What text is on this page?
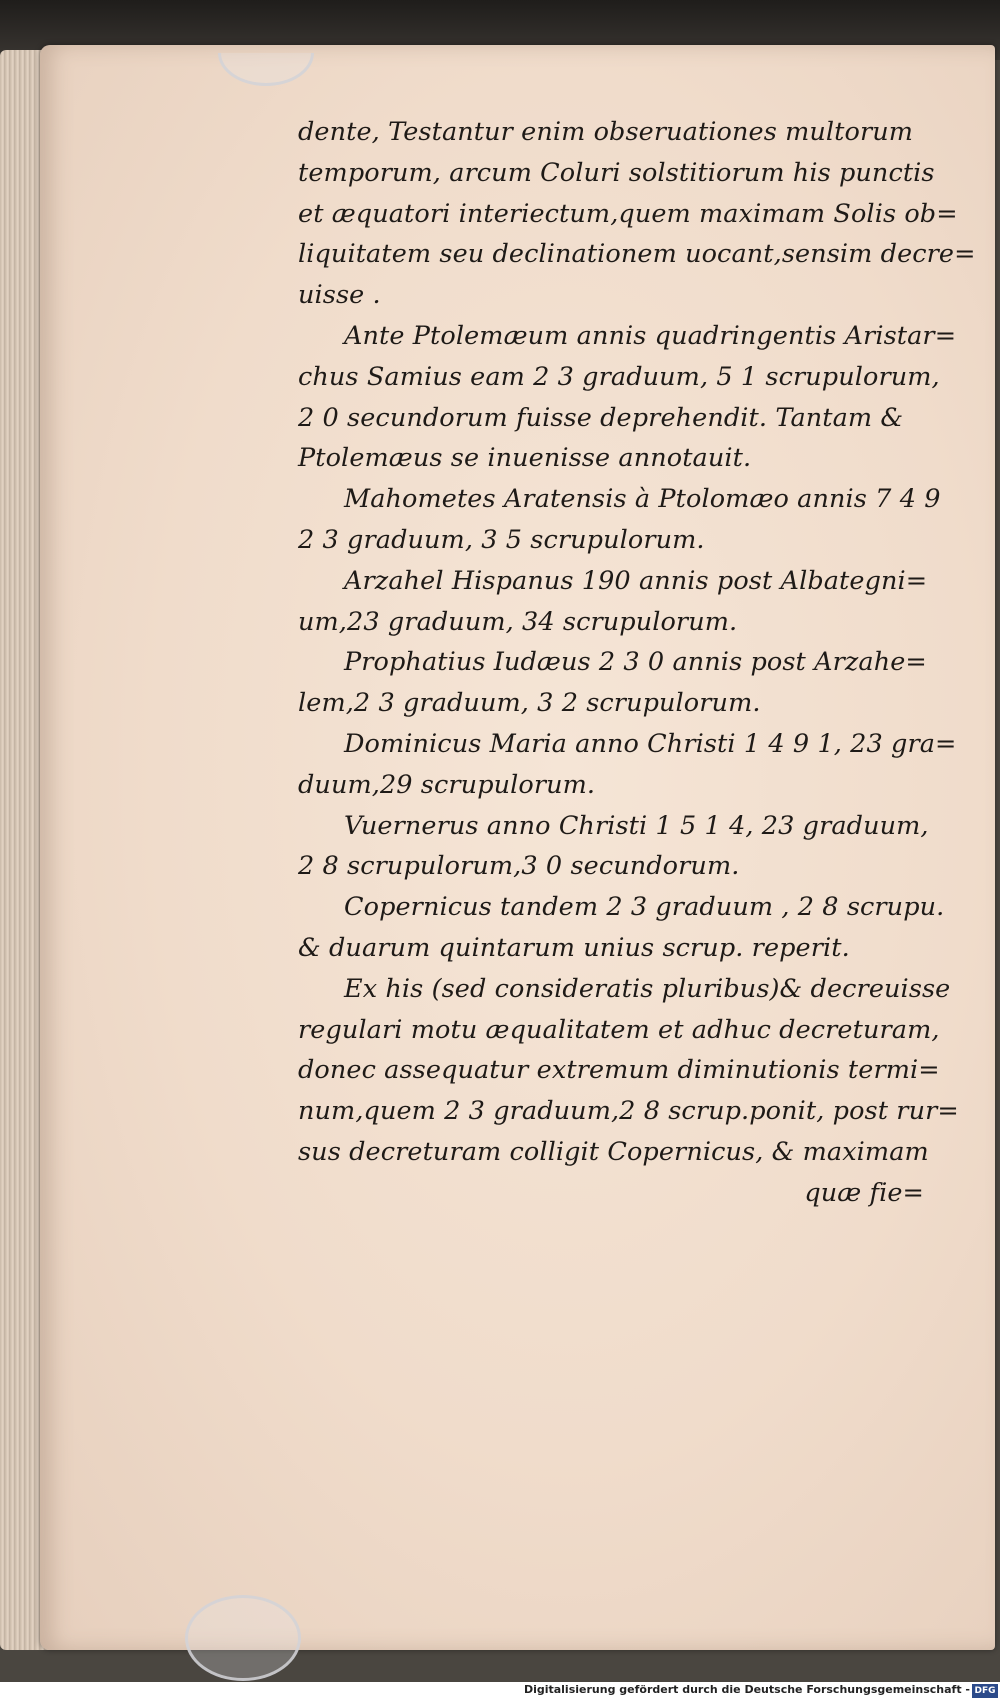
dente, Testantur enim obseruationes multorum
temporum, arcum Coluri solstitiorum his punctis
et æquatori interiectum,quem maximam Solis ob=
liquitatem seu declinationem uocant,sensim decre=
uisse .
Ante Ptolemæum annis quadringentis Aristar=
chus Samius eam 2 3 graduum, 5 1 scrupulorum,
2 0 secundorum fuisse deprehendit. Tantam &
Ptolemæus se inuenisse annotauit.
Mahometes Aratensis à Ptolomæo annis 7 4 9
2 3 graduum, 3 5 scrupulorum.
Arzahel Hispanus 190 annis post Albategni=
um,23 graduum, 34 scrupulorum.
Prophatius Iudæus 2 3 0 annis post Arzahe=
lem,2 3 graduum, 3 2 scrupulorum.
Dominicus Maria anno Christi 1 4 9 1, 23 gra=
duum,29 scrupulorum.
Vuernerus anno Christi 1 5 1 4, 23 graduum,
2 8 scrupulorum,3 0 secundorum.
Copernicus tandem 2 3 graduum , 2 8 scrupu.
& duarum quintarum unius scrup. reperit.
Ex his (sed consideratis pluribus)& decreuisse
regulari motu æqualitatem et adhuc decreturam,
donec assequatur extremum diminutionis termi=
num,quem 2 3 graduum,2 8 scrup.ponit, post rur=
sus decreturam colligit Copernicus, & maximam
quæ fie=
Digitalisierung gefördert durch die Deutsche Forschungsgemeinschaft - DFG
